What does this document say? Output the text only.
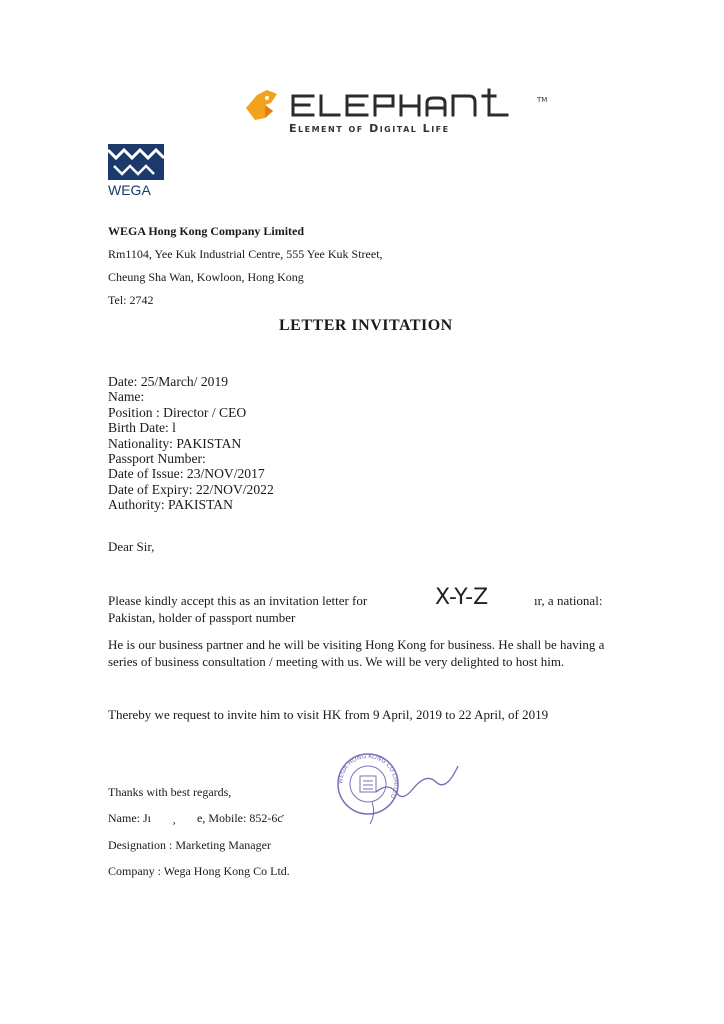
TM
Element of Digital Life
WEGA
WEGA Hong Kong Company Limited
Rm1104, Yee Kuk Industrial Centre, 555 Yee Kuk Street,
Cheung Sha Wan, Kowloon, Hong Kong
Tel: 2742
LETTER INVITATION
Date: 25/March/ 2019
Name:
Position : Director / CEO
Birth Date: l
Nationality: PAKISTAN
Passport Number:
Date of Issue: 23/NOV/2017
Date of Expiry: 22/NOV/2022
Authority: PAKISTAN
Dear Sir,
Please kindly accept this as an invitation letter for	X-Y-Z	ır, a national:
Pakistan, holder of passport number
He is our business partner and he will be visiting Hong Kong for business. He shall be having a
series of business consultation / meeting with us. We will be very delighted to host him.
Thereby we request to invite him to visit HK from 9 April, 2019 to 22 April, of 2019
Thanks with best regards,
Name: Jı ¸ e, Mobile: 852-6ƈ
Designation : Marketing Manager
Company : Wega Hong Kong Co Ltd.
WEGA HONG KONG CO LIMITED
